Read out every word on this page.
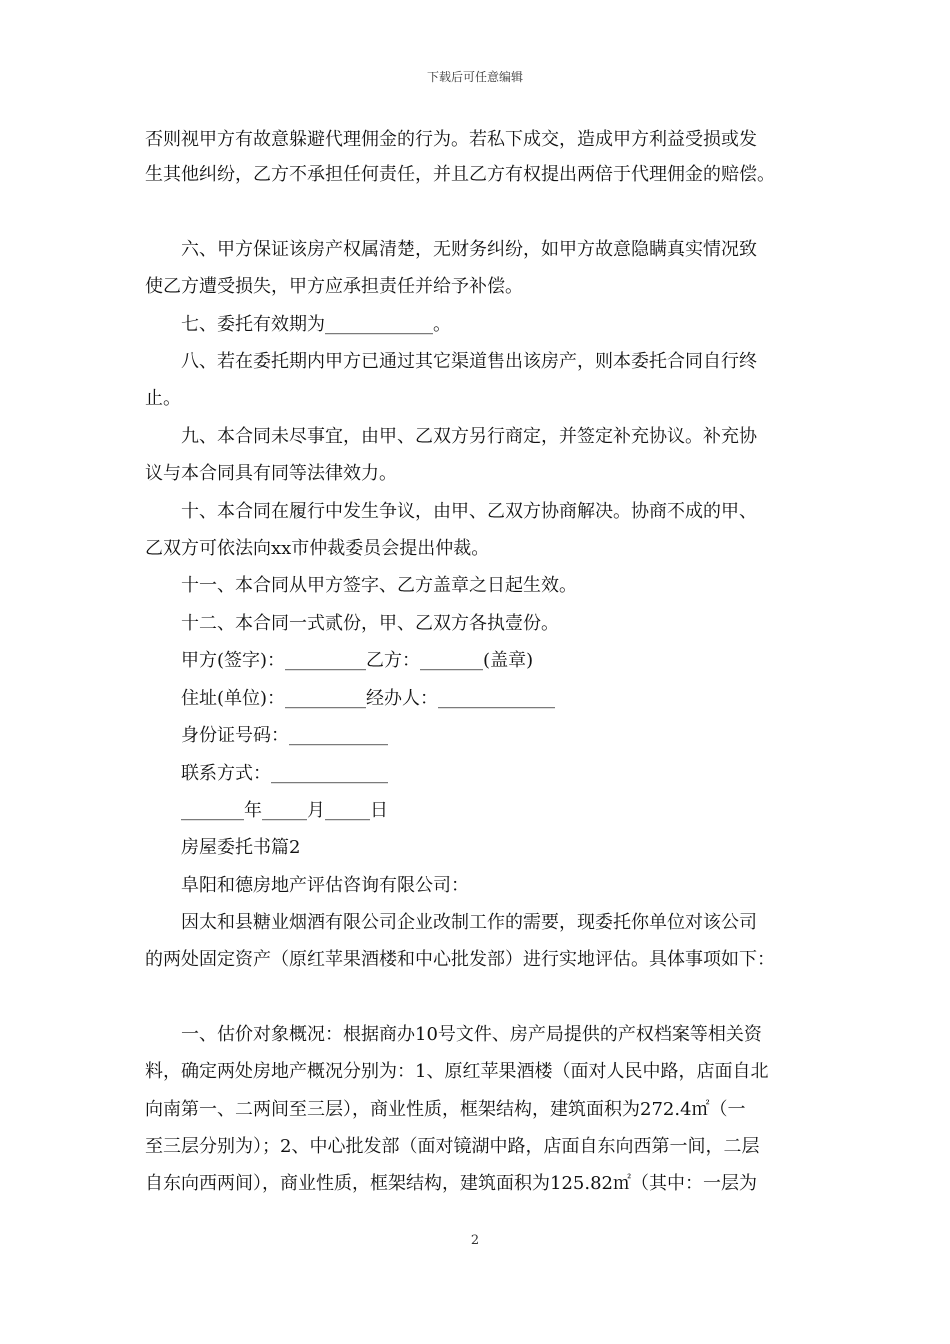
下载后可任意编辑
否则视甲方有故意躲避代理佣金的行为。若私下成交，造成甲方利益受损或发
生其他纠纷，乙方不承担任何责任，并且乙方有权提出两倍于代理佣金的赔偿。
六、甲方保证该房产权属清楚，无财务纠纷，如甲方故意隐瞒真实情况致
使乙方遭受损失，甲方应承担责任并给予补偿。
七、委托有效期为____________。
八、若在委托期内甲方已通过其它渠道售出该房产，则本委托合同自行终
止。
九、本合同未尽事宜，由甲、乙双方另行商定，并签定补充协议。补充协
议与本合同具有同等法律效力。
十、本合同在履行中发生争议，由甲、乙双方协商解决。协商不成的甲、
乙双方可依法向xx市仲裁委员会提出仲裁。
十一、本合同从甲方签字、乙方盖章之日起生效。
十二、本合同一式贰份，甲、乙双方各执壹份。
甲方(签字)：_________乙方：_______(盖章)
住址(单位)：_________经办人：_____________
身份证号码：___________
联系方式：_____________
_______年_____月_____日
房屋委托书篇2
阜阳和德房地产评估咨询有限公司：
因太和县糖业烟酒有限公司企业改制工作的需要，现委托你单位对该公司
的两处固定资产（原红苹果酒楼和中心批发部）进行实地评估。具体事项如下：
一、估价对象概况：根据商办10号文件、房产局提供的产权档案等相关资
料，确定两处房地产概况分别为：1、原红苹果酒楼（面对人民中路，店面自北
向南第一、二两间至三层），商业性质，框架结构，建筑面积为272.4㎡（一
至三层分别为）；2、中心批发部（面对镜湖中路，店面自东向西第一间，二层
自东向西两间），商业性质，框架结构，建筑面积为125.82㎡（其中：一层为
2
